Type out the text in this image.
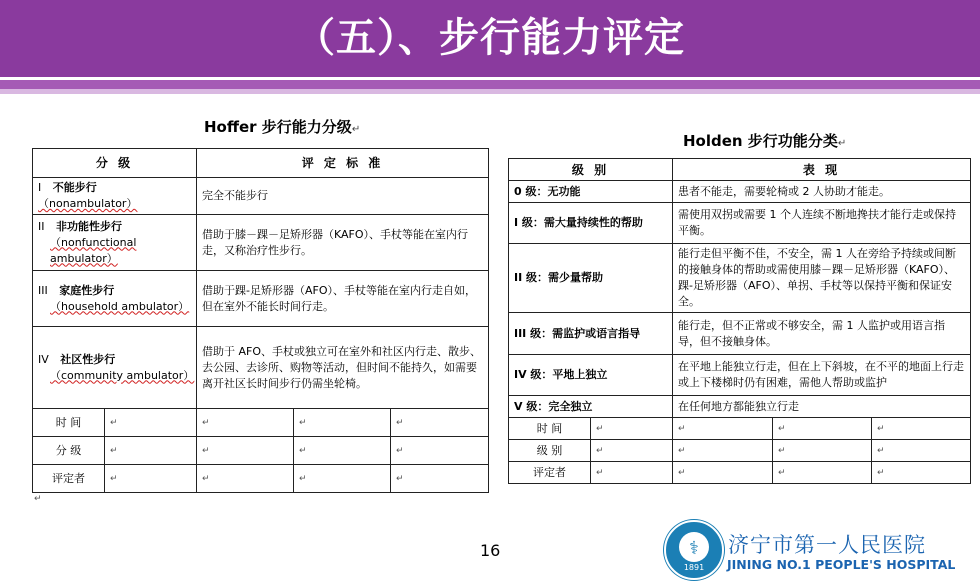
（五）、步行能力评定
Hoffer 步行能力分级↵
分 级		评 定 标 准		
I 不能步行（nonambulator）		完全不能步行		
II 非功能性步行
（nonfunctional ambulator）		借助于膝－踝－足矫形器（KAFO）、手杖等能在室内行走，又称治疗性步行。		
III 家庭性步行
（household ambulator）		借助于踝-足矫形器（AFO）、手杖等能在室内行走自如，但在室外不能长时间行走。		
IV 社区性步行
（community ambulator）		借助于 AFO、手杖或独立可在室外和社区内行走、散步、去公园、去诊所、购物等活动，但时间不能持久，如需要离开社区长时间步行仍需坐轮椅。		
时 间	↵	↵	↵	↵
分 级	↵	↵	↵	↵
评定者	↵	↵	↵	↵
↵
Holden 步行功能分类↵
级 别		表 现		
0 级：无功能		患者不能走，需要轮椅或 2 人协助才能走。		
I 级：需大量持续性的帮助		需使用双拐或需要 1 个人连续不断地搀扶才能行走或保持平衡。		
II 级：需少量帮助		能行走但平衡不佳，不安全，需 1 人在旁给予持续或间断的接触身体的帮助或需使用膝－踝－足矫形器（KAFO）、踝-足矫形器（AFO）、单拐、手杖等以保持平衡和保证安全。		
III 级：需监护或语言指导		能行走，但不正常或不够安全，需 1 人监护或用语言指导，但不接触身体。		
IV 级：平地上独立		在平地上能独立行走，但在上下斜坡，在不平的地面上行走或上下楼梯时仍有困难，需他人帮助或监护		
V 级：完全独立		在任何地方都能独立行走		
时 间	↵	↵	↵	↵
级 别	↵	↵	↵	↵
评定者	↵	↵	↵	↵
16	⚕
1891
济宁市第一人民医院
JINING NO.1 PEOPLE'S HOSPITAL
